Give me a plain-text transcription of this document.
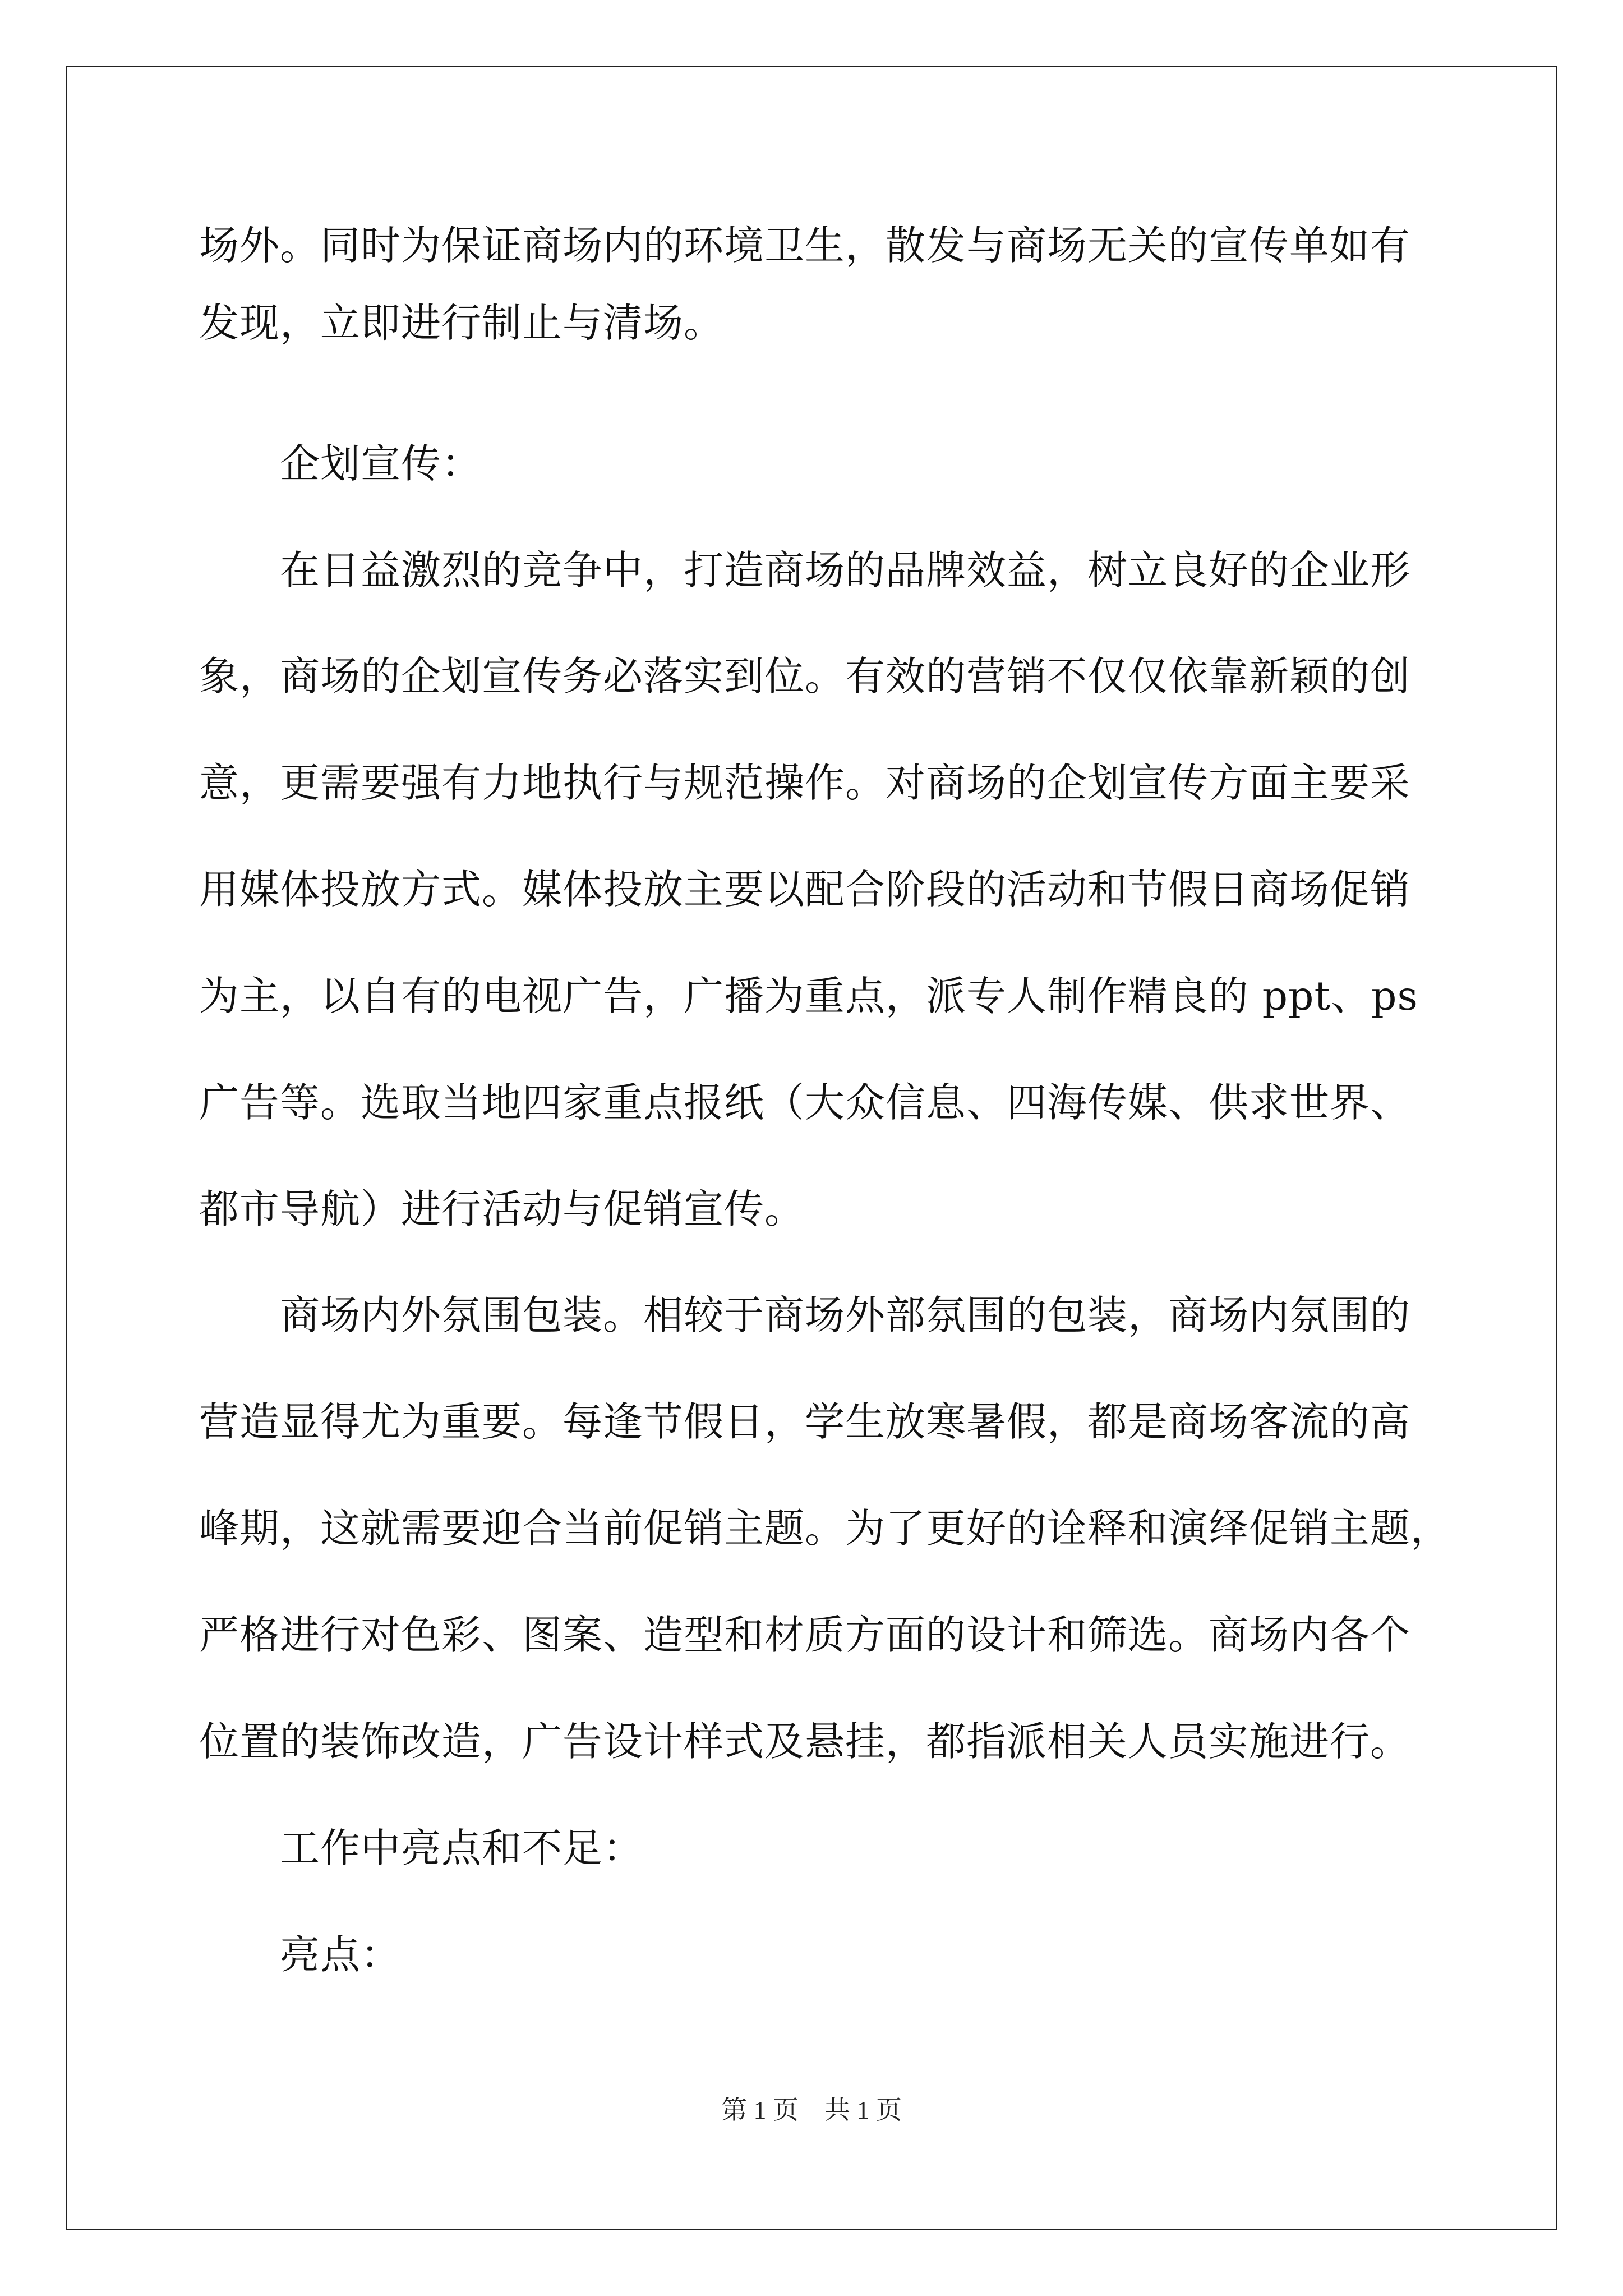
场外。同时为保证商场内的环境卫生，散发与商场无关的宣传单如有
发现，立即进行制止与清场。
　　企划宣传：
　　在日益激烈的竞争中，打造商场的品牌效益，树立良好的企业形
象，商场的企划宣传务必落实到位。有效的营销不仅仅依靠新颖的创
意，更需要强有力地执行与规范操作。对商场的企划宣传方面主要采
用媒体投放方式。媒体投放主要以配合阶段的活动和节假日商场促销
为主，以自有的电视广告，广播为重点，派专人制作精良的 ppt、ps
广告等。选取当地四家重点报纸（大众信息、四海传媒、供求世界、
都市导航）进行活动与促销宣传。
　　商场内外氛围包装。相较于商场外部氛围的包装，商场内氛围的
营造显得尤为重要。每逢节假日，学生放寒暑假，都是商场客流的高
峰期，这就需要迎合当前促销主题。为了更好的诠释和演绎促销主题，
严格进行对色彩、图案、造型和材质方面的设计和筛选。商场内各个
位置的装饰改造，广告设计样式及悬挂，都指派相关人员实施进行。
　　工作中亮点和不足：
　　亮点：
第 1 页　共 1 页
